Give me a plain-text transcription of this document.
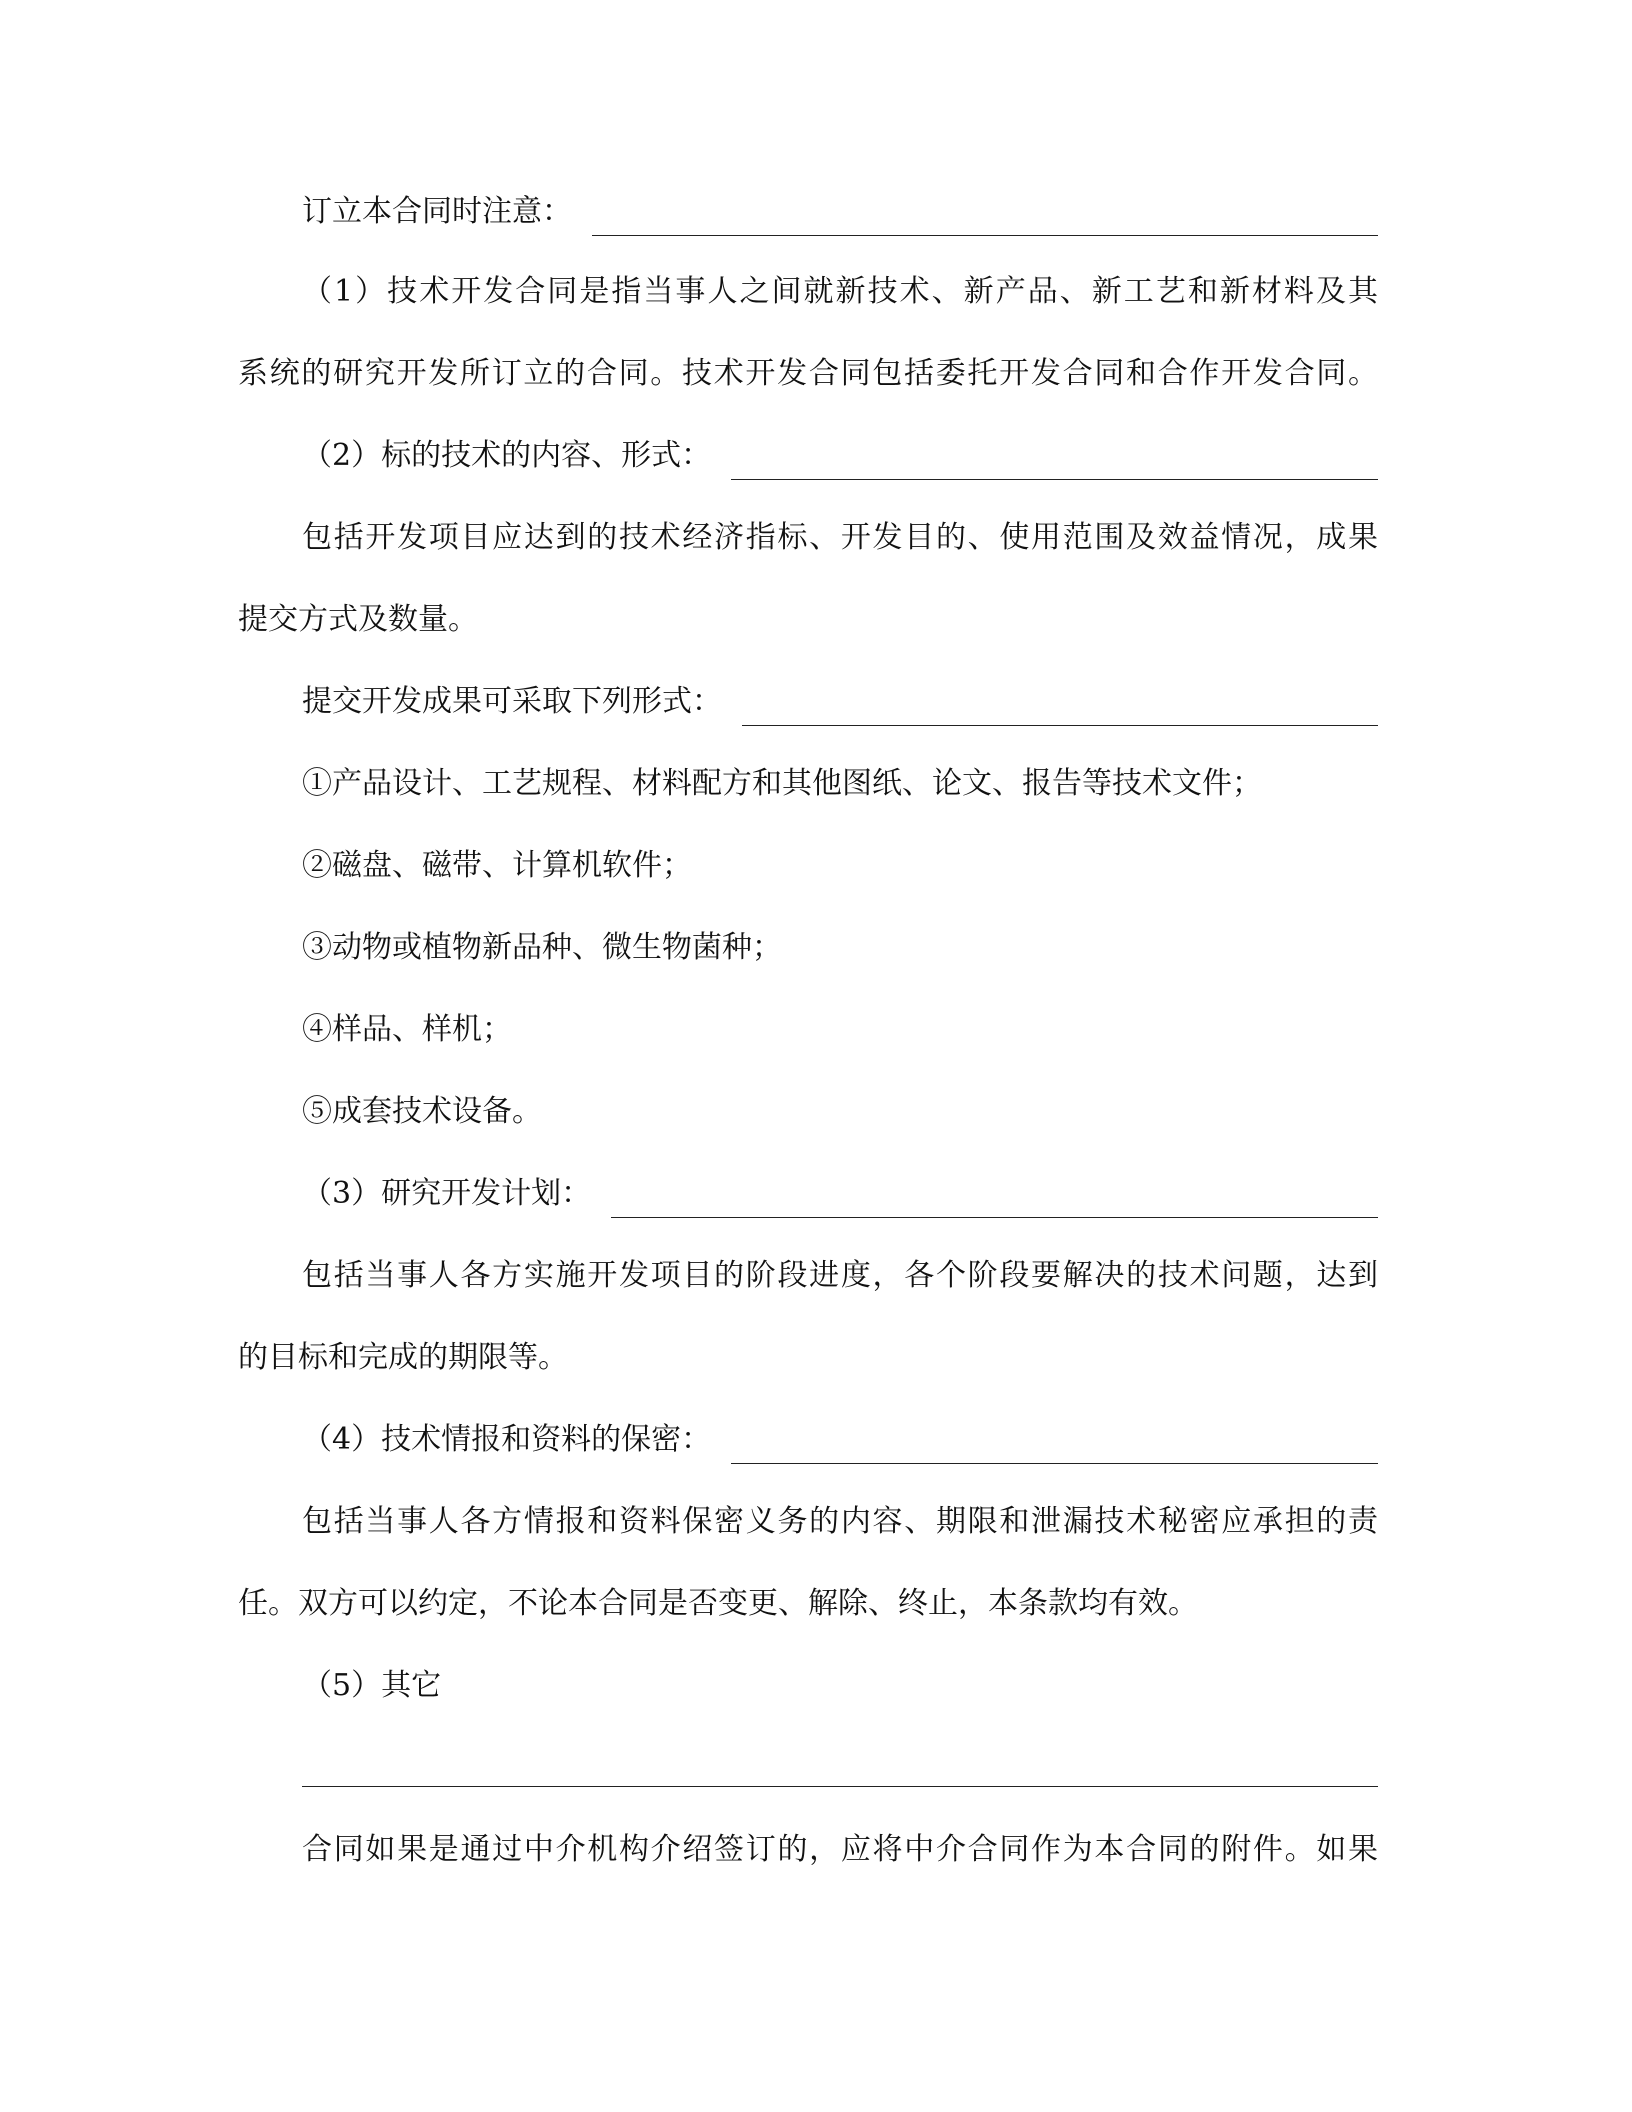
订立本合同时注意：
（1）技术开发合同是指当事人之间就新技术、新产品、新工艺和新材料及其
系统的研究开发所订立的合同。技术开发合同包括委托开发合同和合作开发合同。
（2）标的技术的内容、形式：
包括开发项目应达到的技术经济指标、开发目的、使用范围及效益情况，成果
提交方式及数量。
提交开发成果可采取下列形式：
①产品设计、工艺规程、材料配方和其他图纸、论文、报告等技术文件；
②磁盘、磁带、计算机软件；
③动物或植物新品种、微生物菌种；
④样品、样机；
⑤成套技术设备。
（3）研究开发计划：
包括当事人各方实施开发项目的阶段进度，各个阶段要解决的技术问题，达到
的目标和完成的期限等。
（4）技术情报和资料的保密：
包括当事人各方情报和资料保密义务的内容、期限和泄漏技术秘密应承担的责
任。双方可以约定，不论本合同是否变更、解除、终止，本条款均有效。
（5）其它
合同如果是通过中介机构介绍签订的，应将中介合同作为本合同的附件。如果
